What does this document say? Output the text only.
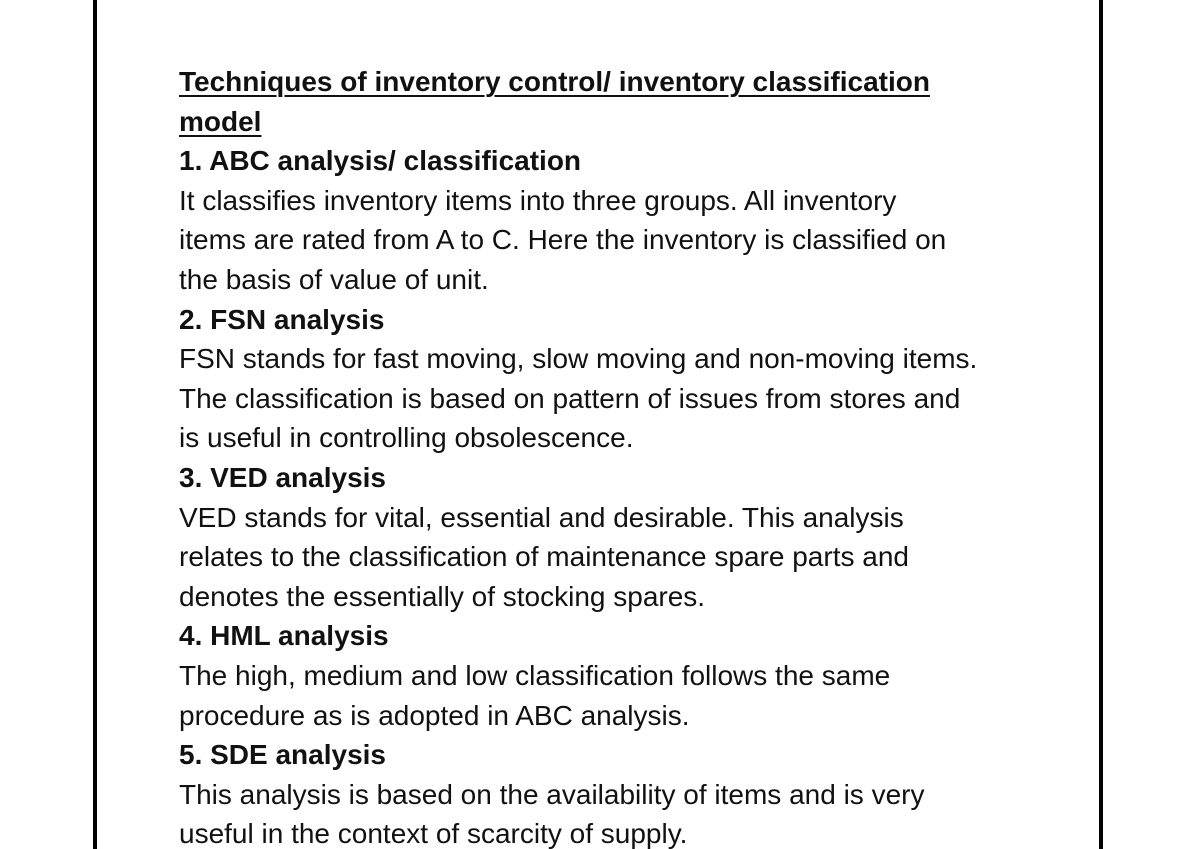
Techniques of inventory control/ inventory classification model
1. ABC analysis/ classification
It classifies inventory items into three groups. All inventory
items are rated from A to C. Here the inventory is classified on
the basis of value of unit.
2. FSN analysis
FSN stands for fast moving, slow moving and non-moving items.
The classification is based on pattern of issues from stores and
is useful in controlling obsolescence.
3. VED analysis
VED stands for vital, essential and desirable. This analysis
relates to the classification of maintenance spare parts and
denotes the essentially of stocking spares.
4. HML analysis
The high, medium and low classification follows the same
procedure as is adopted in ABC analysis.
5. SDE analysis
This analysis is based on the availability of items and is very
useful in the context of scarcity of supply.
